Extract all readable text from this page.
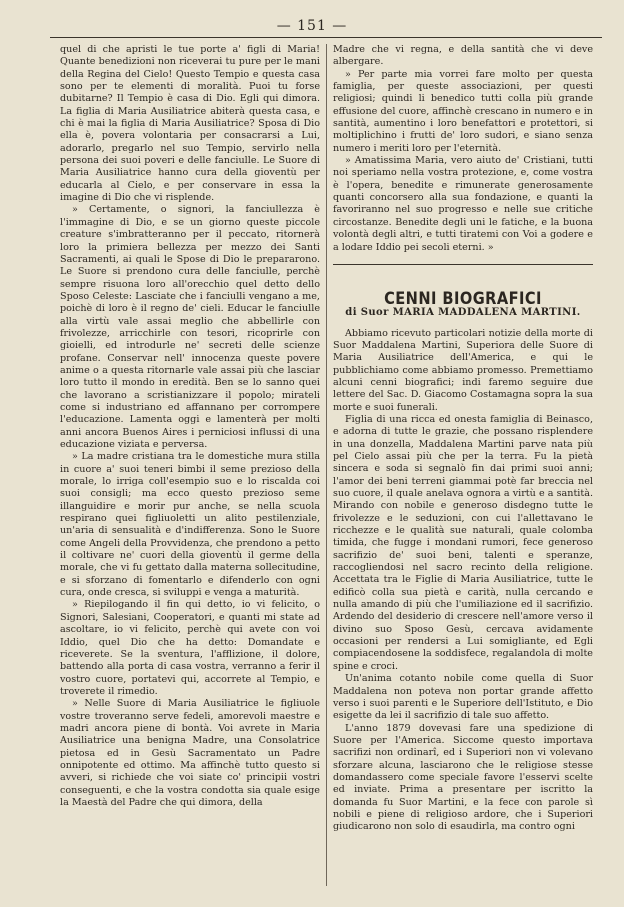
— 151 —

quel di che apristi le tue porte a' figli di Maria! Quante benedizioni non riceverai tu pure per le mani della Regina del Cielo! Questo Tempio e questa casa sono per te elementi di moralità. Puoi tu forse dubitarne? Il Tempio è casa di Dio. Egli qui dimora. La figlia di Maria Ausiliatrice abiterà questa casa, e chi è mai la figlia di Maria Ausiliatrice? Sposa di Dio ella è, povera volontaria per consacrarsi a Lui, adorarlo, pregarlo nel suo Tempio, servirlo nella persona dei suoi poveri e delle fanciulle. Le Suore di Maria Ausiliatrice hanno cura della gioventù per educarla al Cielo, e per conservare in essa la imagine di Dio che vi risplende.

» Certamente, o signori, la fanciullezza è l'immagine di Dio, e se un giorno queste piccole creature s'imbratteranno per il peccato, ritornerà loro la primiera bellezza per mezzo dei Santi Sacramenti, ai quali le Spose di Dio le prepararono. Le Suore si prendono cura delle fanciulle, perchè sempre risuona loro all'orecchio quel detto dello Sposo Celeste: Lasciate che i fanciulli vengano a me, poichè di loro è il regno de' cieli. Educar le fanciulle alla virtù vale assai meglio che abbellirle con frivolezze, arricchirle con tesori, ricoprirle con gioielli, ed introdurle ne' secreti delle scienze profane. Conservar nell' innocenza queste povere anime o a questa ritornarle vale assai più che lasciar loro tutto il mondo in eredità. Ben se lo sanno quei che lavorano a scristianizzare il popolo; mirateli come si industriano ed affannano per corrompere l'educazione. Lamenta oggi e lamenterà per molti anni ancora Buenos Aires i perniciosi influssi di una educazione viziata e perversa.

» La madre cristiana tra le domestiche mura stilla in cuore a' suoi teneri bimbi il seme prezioso della morale, lo irriga coll'esempio suo e lo riscalda coi suoi consigli; ma ecco questo prezioso seme illanguidire e morir pur anche, se nella scuola respirano quei figliuoletti un alito pestilenziale, un'aria di sensualità e d'indifferenza. Sono le Suore come Angeli della Provvidenza, che prendono a petto il coltivare ne' cuori della gioventù il germe della morale, che vi fu gettato dalla materna sollecitudine, e si sforzano di fomentarlo e difenderlo con ogni cura, onde cresca, si sviluppi e venga a maturità.

» Riepilogando il fin qui detto, io vi felicito, o Signori, Salesiani, Cooperatori, e quanti mi state ad ascoltare, io vi felicito, perchè qui avete con voi Iddio, quel Dio che ha detto: Domandate e riceverete. Se la sventura, l'afflizione, il dolore, battendo alla porta di casa vostra, verranno a ferir il vostro cuore, portatevi qui, accorrete al Tempio, e troverete il rimedio.

» Nelle Suore di Maria Ausiliatrice le figliuole vostre troveranno serve fedeli, amorevoli maestre e madri ancora piene di bontà. Voi avrete in Maria Ausiliatrice una benigna Madre, una Consolatrice pietosa ed in Gesù Sacramentato un Padre onnipotente ed ottimo. Ma affinchè tutto questo si avveri, si richiede che voi siate co' principii vostri conseguenti, e che la vostra condotta sia quale esige la Maestà del Padre che qui dimora, della

Madre che vi regna, e della santità che vi deve albergare.

» Per parte mia vorrei fare molto per questa famiglia, per queste associazioni, per questi religiosi; quindi li benedico tutti colla più grande effusione del cuore, affinchè crescano in numero e in santità, aumentino i loro benefattori e protettori, si moltiplichino i frutti de' loro sudori, e siano senza numero i meriti loro per l'eternità.

» Amatissima Maria, vero aiuto de' Cristiani, tutti noi speriamo nella vostra protezione, e, come vostra è l'opera, benedite e rimunerate generosamente quanti concorsero alla sua fondazione, e quanti la favoriranno nel suo progresso e nelle sue critiche circostanze. Benedite degli uni le fatiche, e la buona volontà degli altri, e tutti tiratemi con Voi a godere e a lodare Iddio pei secoli eterni. »

CENNI BIOGRAFICI
di Suor MARIA MADDALENA MARTINI.

Abbiamo ricevuto particolari notizie della morte di Suor Maddalena Martini, Superiora delle Suore di Maria Ausiliatrice dell'America, e qui le pubblichiamo come abbiamo promesso. Premettiamo alcuni cenni biografici; indi faremo seguire due lettere del Sac. D. Giacomo Costamagna sopra la sua morte e suoi funerali.

Figlia di una ricca ed onesta famiglia di Beinasco, e adorna di tutte le grazie, che possano risplendere in una donzella, Maddalena Martini parve nata più pel Cielo assai più che per la terra. Fu la pietà sincera e soda si segnalò fin dai primi suoi anni; l'amor dei beni terreni giammai potè far breccia nel suo cuore, il quale anelava ognora a virtù e a santità. Mirando con nobile e generoso disdegno tutte le frivolezze e le seduzioni, con cui l'allettavano le ricchezze e le qualità sue naturali, quale colomba timida, che fugge i mondani rumori, fece generoso sacrifizio de' suoi beni, talenti e speranze, raccogliendosi nel sacro recinto della religione. Accettata tra le Figlie di Maria Ausiliatrice, tutte le edificò colla sua pietà e carità, nulla cercando e nulla amando di più che l'umiliazione ed il sacrifizio. Ardendo del desiderio di crescere nell'amore verso il divino suo Sposo Gesù, cercava avidamente occasioni per rendersi a Lui somigliante, ed Egli compiacendosene la soddisfece, regalandola di molte spine e croci.

Un'anima cotanto nobile come quella di Suor Maddalena non poteva non portar grande affetto verso i suoi parenti e le Superiore dell'Istituto, e Dio esigette da lei il sacrifizio di tale suo affetto.

L'anno 1879 dovevasi fare una spedizione di Suore per l'America. Siccome questo importava sacrifizi non ordinarî, ed i Superiori non vi volevano sforzare alcuna, lasciarono che le religiose stesse domandassero come speciale favore l'esservi scelte ed inviate. Prima a presentare per iscritto la domanda fu Suor Martini, e la fece con parole sì nobili e piene di religioso ardore, che i Superiori giudicarono non solo di esaudirla, ma contro ogni
